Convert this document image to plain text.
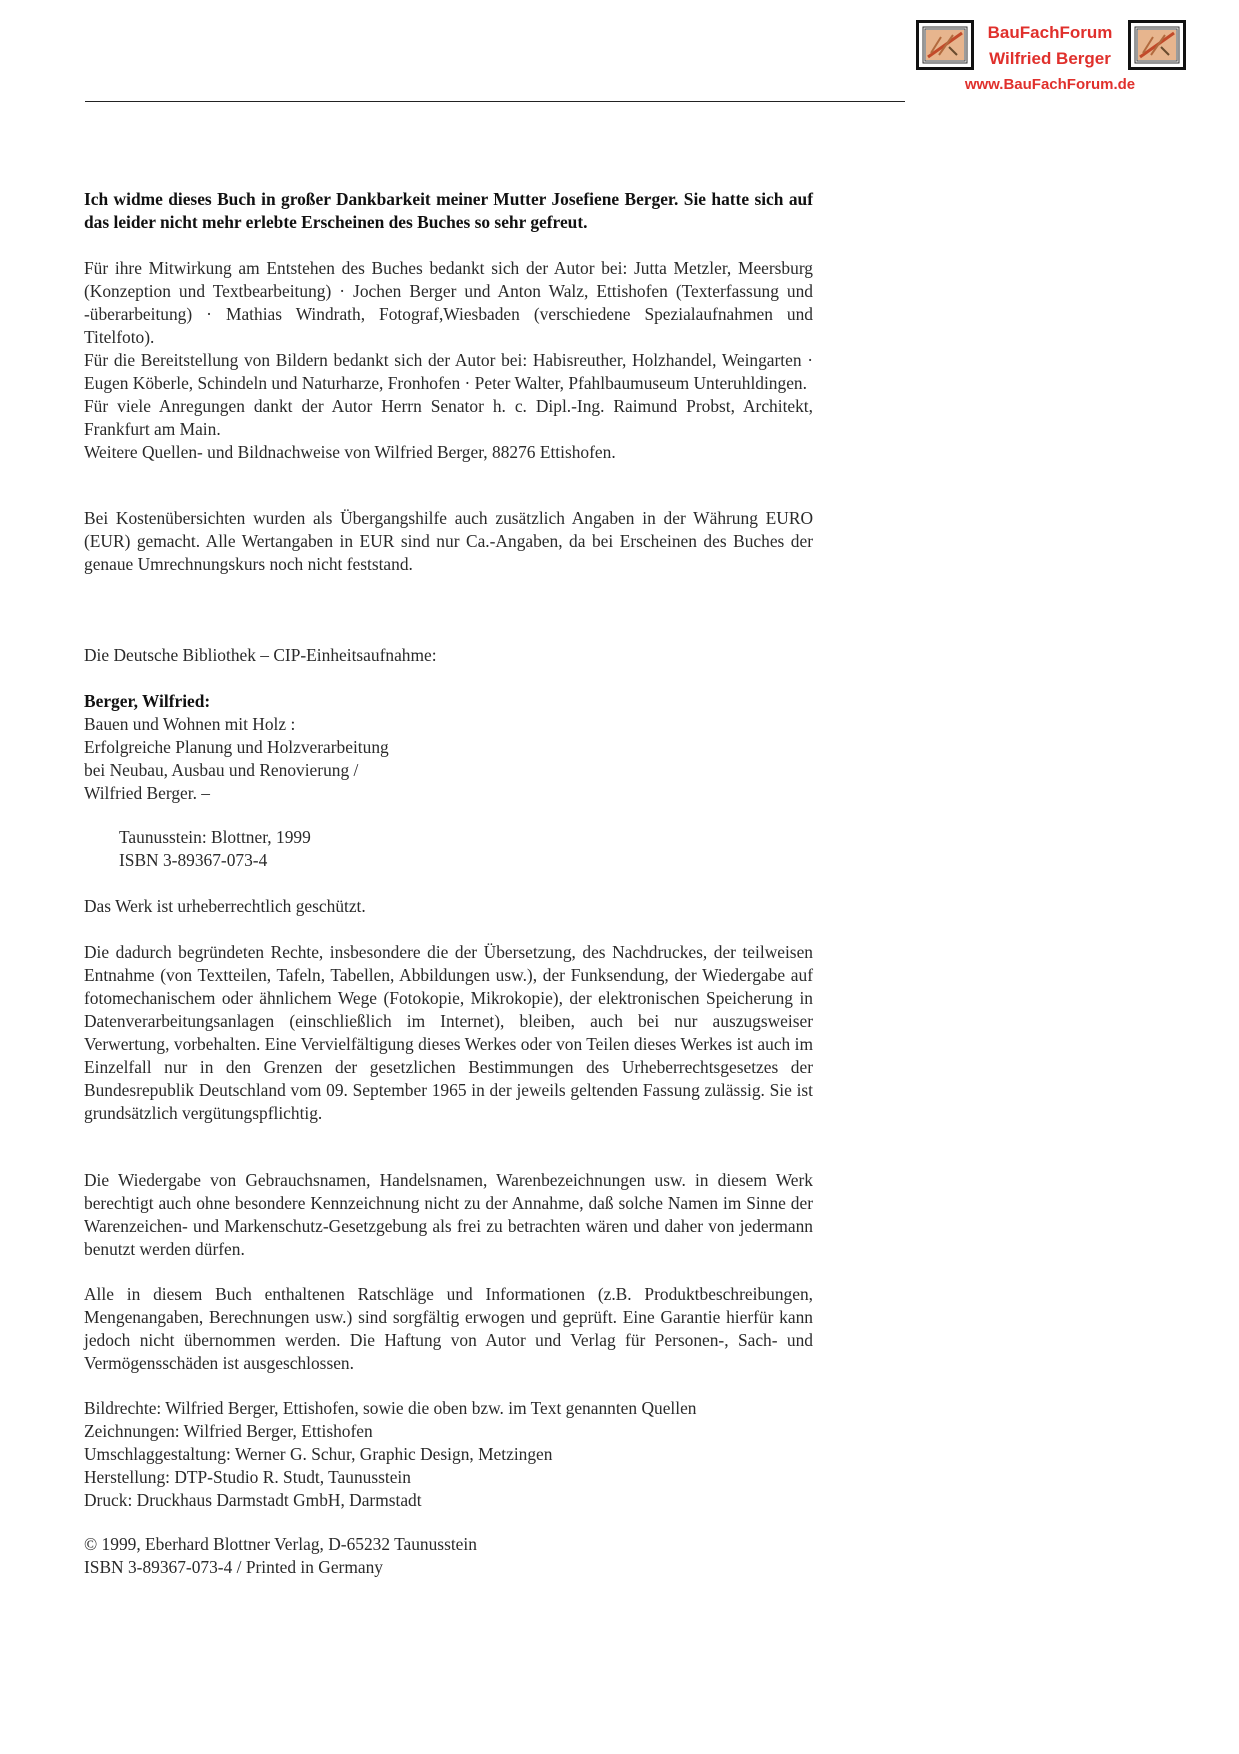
BauFachForum
Wilfried Berger
www.BauFachForum.de
Ich widme dieses Buch in großer Dankbarkeit meiner Mutter Josefiene Berger. Sie hatte sich auf das leider nicht mehr erlebte Erscheinen des Buches so sehr gefreut.

Für ihre Mitwirkung am Entstehen des Buches bedankt sich der Autor bei: Jutta Metzler, Meersburg (Konzeption und Textbearbeitung) · Jochen Berger und Anton Walz, Ettishofen (Texterfassung und -überarbeitung) · Mathias Windrath, Fotograf,Wiesbaden (verschiedene Spezialaufnahmen und Titelfoto).

Für die Bereitstellung von Bildern bedankt sich der Autor bei: Habisreuther, Holzhandel, Weingarten · Eugen Köberle, Schindeln und Naturharze, Fronhofen · Peter Walter, Pfahlbaumuseum Unteruhldingen.

Für viele Anregungen dankt der Autor Herrn Senator h. c. Dipl.-Ing. Raimund Probst, Architekt, Frankfurt am Main.

Weitere Quellen- und Bildnachweise von Wilfried Berger, 88276 Ettishofen.

Bei Kostenübersichten wurden als Übergangshilfe auch zusätzlich Angaben in der Währung EURO (EUR) gemacht. Alle Wertangaben in EUR sind nur Ca.-Angaben, da bei Erscheinen des Buches der genaue Umrechnungskurs noch nicht feststand.
Die Deutsche Bibliothek – CIP-Einheitsaufnahme:

Berger, Wilfried:

Bauen und Wohnen mit Holz :

Erfolgreiche Planung und Holzverarbeitung

bei Neubau, Ausbau und Renovierung /

Wilfried Berger. –

Taunusstein: Blottner, 1999

ISBN 3-89367-073-4

Das Werk ist urheberrechtlich geschützt.
Die dadurch begründeten Rechte, insbesondere die der Übersetzung, des Nachdruckes, der teilweisen Entnahme (von Textteilen, Tafeln, Tabellen, Abbildungen usw.), der Funksendung, der Wiedergabe auf fotomechanischem oder ähnlichem Wege (Fotokopie, Mikrokopie), der elektronischen Speicherung in Datenverarbeitungsanlagen (einschließlich im Internet), bleiben, auch bei nur auszugsweiser Verwertung, vorbehalten. Eine Vervielfältigung dieses Werkes oder von Teilen dieses Werkes ist auch im Einzelfall nur in den Grenzen der gesetzlichen Bestimmungen des Urheberrechtsgesetzes der Bundesrepublik Deutschland vom 09. September 1965 in der jeweils geltenden Fassung zulässig. Sie ist grundsätzlich vergütungspflichtig.
Die Wiedergabe von Gebrauchsnamen, Handelsnamen, Warenbezeichnungen usw. in diesem Werk berechtigt auch ohne besondere Kennzeichnung nicht zu der Annahme, daß solche Namen im Sinne der Warenzeichen- und Markenschutz-Gesetzgebung als frei zu betrachten wären und daher von jedermann benutzt werden dürfen.
Alle in diesem Buch enthaltenen Ratschläge und Informationen (z.B. Produktbeschreibungen, Mengenangaben, Berechnungen usw.) sind sorgfältig erwogen und geprüft. Eine Garantie hierfür kann jedoch nicht übernommen werden. Die Haftung von Autor und Verlag für Personen-, Sach- und Vermögensschäden ist ausgeschlossen.

Bildrechte: Wilfried Berger, Ettishofen, sowie die oben bzw. im Text genannten Quellen

Zeichnungen: Wilfried Berger, Ettishofen

Umschlaggestaltung: Werner G. Schur, Graphic Design, Metzingen

Herstellung: DTP-Studio R. Studt, Taunusstein

Druck: Druckhaus Darmstadt GmbH, Darmstadt

© 1999, Eberhard Blottner Verlag, D-65232 Taunusstein

ISBN 3-89367-073-4 / Printed in Germany
